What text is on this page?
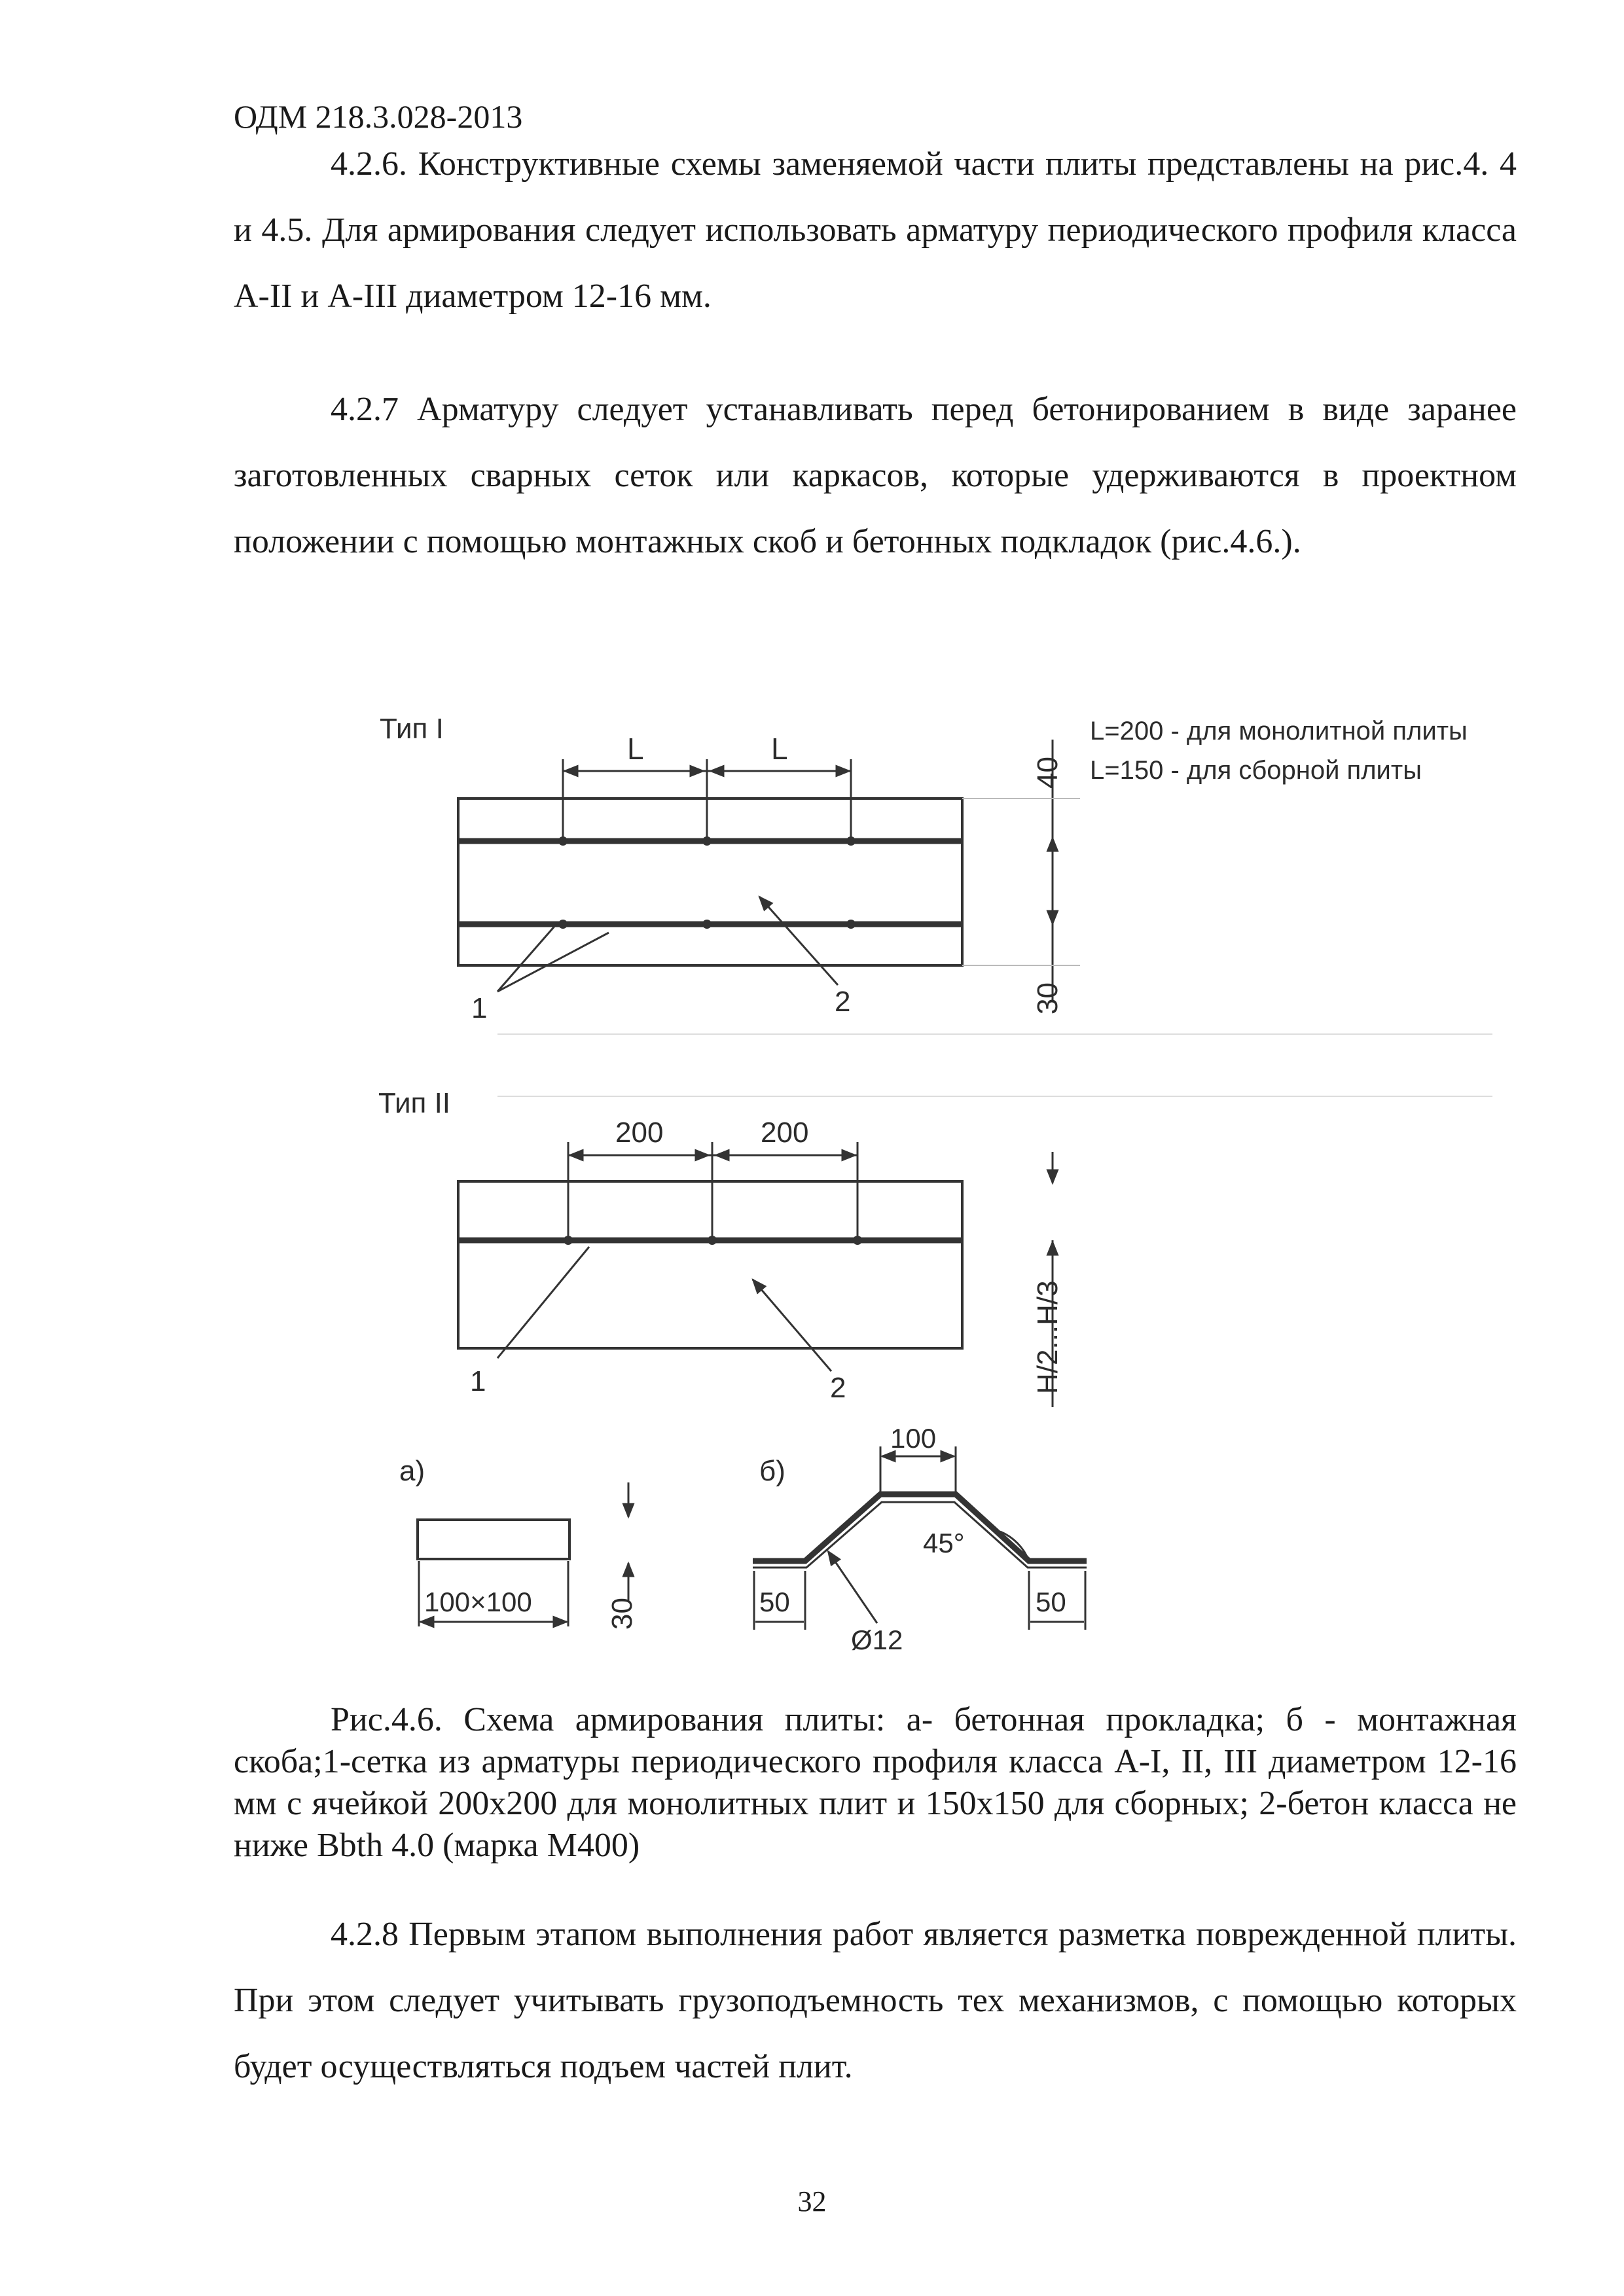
ОДМ 218.3.028-2013

4.2.6. Конструктивные схемы заменяемой части плиты представлены на рис.4. 4 и 4.5. Для армирования следует использовать арматуру периодического профиля класса А-II и А-III диаметром 12-16 мм.

4.2.7 Арматуру следует устанавливать перед бетонированием в виде заранее заготовленных сварных сеток или каркасов, которые удерживаются в проектном положении с помощью монтажных скоб и бетонных подкладок (рис.4.6.).

Тип I	L=200 - для монолитной плиты
L=150 - для сборной плиты
L	L
40
30
1	2
Тип II
200	200
H/2...H/3
1	2
а)
100×100	30
б)
100
45°
50	50
Ø12

Рис.4.6. Схема армирования плиты: а- бетонная прокладка; б - монтажная скоба;1-сетка из арматуры периодического профиля класса А-I, II, III диаметром 12-16 мм с ячейкой 200х200 для монолитных плит и 150х150 для сборных; 2-бетон класса не ниже Bbth 4.0 (марка М400)

4.2.8 Первым этапом выполнения работ является разметка поврежденной плиты. При этом следует учитывать грузоподъемность тех механизмов, с помощью которых будет осуществляться подъем частей плит.

32
